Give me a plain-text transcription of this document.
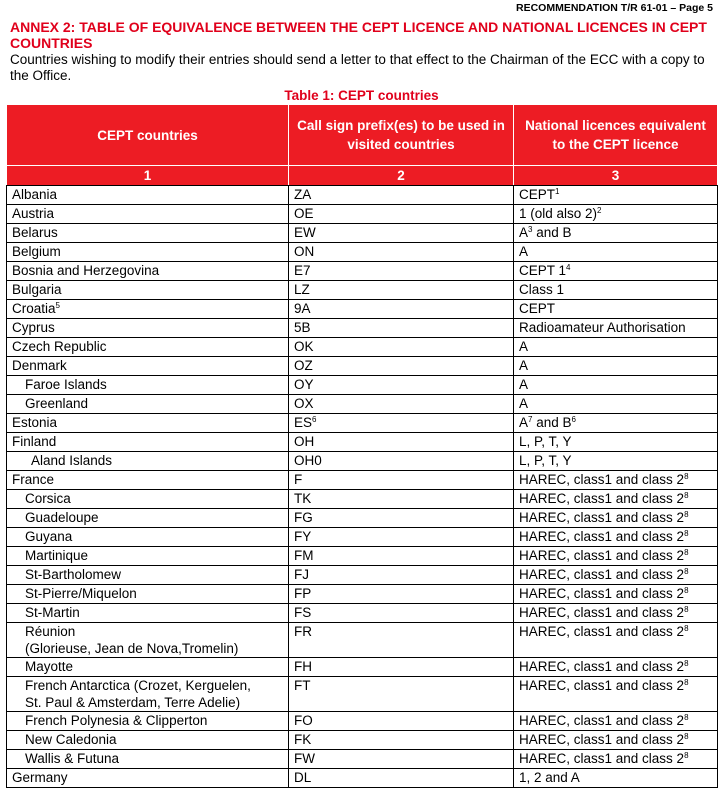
RECOMMENDATION T/R 61-01 – Page 5
ANNEX 2: TABLE OF EQUIVALENCE BETWEEN THE CEPT LICENCE AND NATIONAL LICENCES IN CEPT COUNTRIES
Countries wishing to modify their entries should send a letter to that effect to the Chairman of the ECC with a copy to the Office.
Table 1: CEPT countries
CEPT countries	Call sign prefix(es) to be used in visited countries	National licences equivalent to the CEPT licence
1	2	3
Albania	ZA	CEPT$^1$
Austria	OE	1 (old also 2)$^2$
Belarus	EW	$A^3$ and B
Belgium	ON	A
Bosnia and Herzegovina	E7	CEPT $1^4$
Bulgaria	LZ	Class 1
Croatia$^5$	9A	CEPT
Cyprus	5B	Radioamateur Authorisation
Czech Republic	OK	A
Denmark	OZ	A
Faroe Islands	OY	A
Greenland	OX	A
Estonia	$ES^6$	$A^7$ and $B^6$
Finland	OH	L, P, T, Y
Aland Islands	OH0	L, P, T, Y
France	F	HAREC, class1 and class $2^8$
Corsica	TK	HAREC, class1 and class $2^8$
Guadeloupe	FG	HAREC, class1 and class $2^8$
Guyana	FY	HAREC, class1 and class $2^8$
Martinique	FM	HAREC, class1 and class $2^8$
St-Bartholomew	FJ	HAREC, class1 and class $2^8$
St-Pierre/Miquelon	FP	HAREC, class1 and class $2^8$
St-Martin	FS	HAREC, class1 and class $2^8$
Réunion
(Glorieuse, Jean de Nova,Tromelin)	FR	HAREC, class1 and class $2^8$
Mayotte	FH	HAREC, class1 and class $2^8$
French Antarctica (Crozet, Kerguelen,
St. Paul & Amsterdam, Terre Adelie)	FT	HAREC, class1 and class $2^8$
French Polynesia & Clipperton	FO	HAREC, class1 and class $2^8$
New Caledonia	FK	HAREC, class1 and class $2^8$
Wallis & Futuna	FW	HAREC, class1 and class $2^8$
Germany	DL	1, 2 and A
